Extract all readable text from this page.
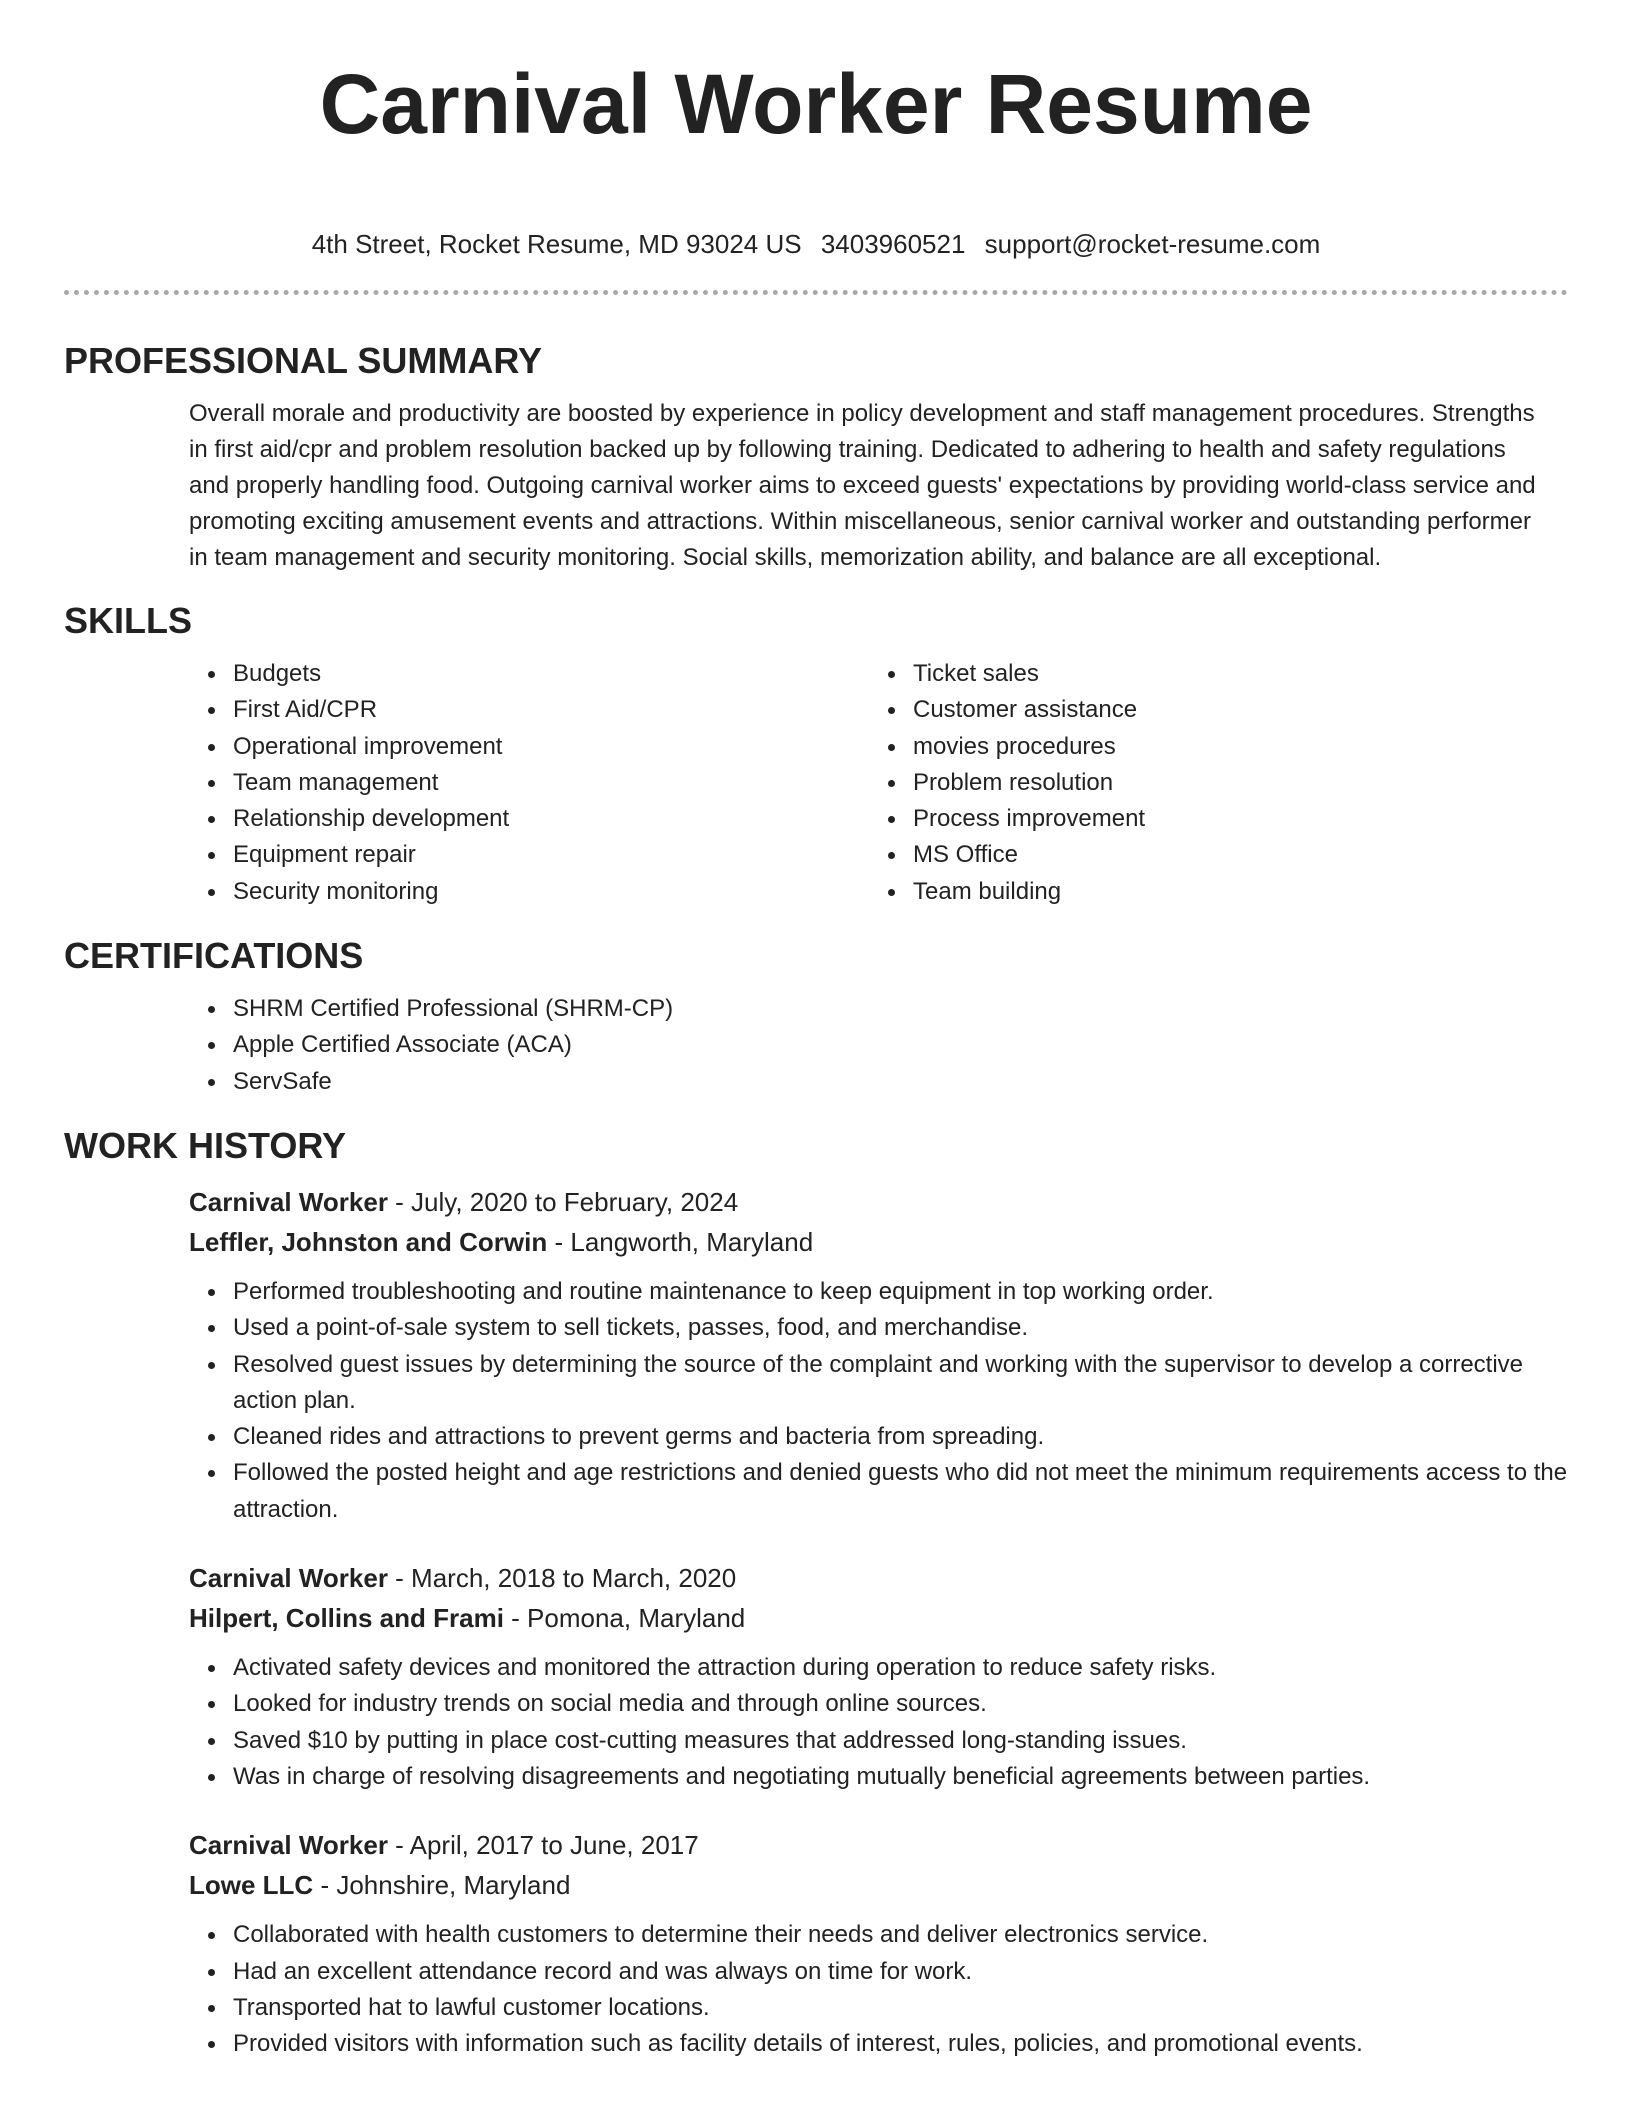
Carnival Worker Resume
4th Street, Rocket Resume, MD 93024 US 3403960521 support@rocket-resume.com
PROFESSIONAL SUMMARY
Overall morale and productivity are boosted by experience in policy development and staff management procedures. Strengths in first aid/cpr and problem resolution backed up by following training. Dedicated to adhering to health and safety regulations and properly handling food. Outgoing carnival worker aims to exceed guests' expectations by providing world-class service and promoting exciting amusement events and attractions. Within miscellaneous, senior carnival worker and outstanding performer in team management and security monitoring. Social skills, memorization ability, and balance are all exceptional.
SKILLS
Budgets
First Aid/CPR
Operational improvement
Team management
Relationship development
Equipment repair
Security monitoring
Ticket sales
Customer assistance
movies procedures
Problem resolution
Process improvement
MS Office
Team building
CERTIFICATIONS
SHRM Certified Professional (SHRM-CP)
Apple Certified Associate (ACA)
ServSafe
WORK HISTORY
Carnival Worker - July, 2020 to February, 2024
Leffler, Johnston and Corwin - Langworth, Maryland
Performed troubleshooting and routine maintenance to keep equipment in top working order.
Used a point-of-sale system to sell tickets, passes, food, and merchandise.
Resolved guest issues by determining the source of the complaint and working with the supervisor to develop a corrective action plan.
Cleaned rides and attractions to prevent germs and bacteria from spreading.
Followed the posted height and age restrictions and denied guests who did not meet the minimum requirements access to the attraction.
Carnival Worker - March, 2018 to March, 2020
Hilpert, Collins and Frami - Pomona, Maryland
Activated safety devices and monitored the attraction during operation to reduce safety risks.
Looked for industry trends on social media and through online sources.
Saved $10 by putting in place cost-cutting measures that addressed long-standing issues.
Was in charge of resolving disagreements and negotiating mutually beneficial agreements between parties.
Carnival Worker - April, 2017 to June, 2017
Lowe LLC - Johnshire, Maryland
Collaborated with health customers to determine their needs and deliver electronics service.
Had an excellent attendance record and was always on time for work.
Transported hat to lawful customer locations.
Provided visitors with information such as facility details of interest, rules, policies, and promotional events.
